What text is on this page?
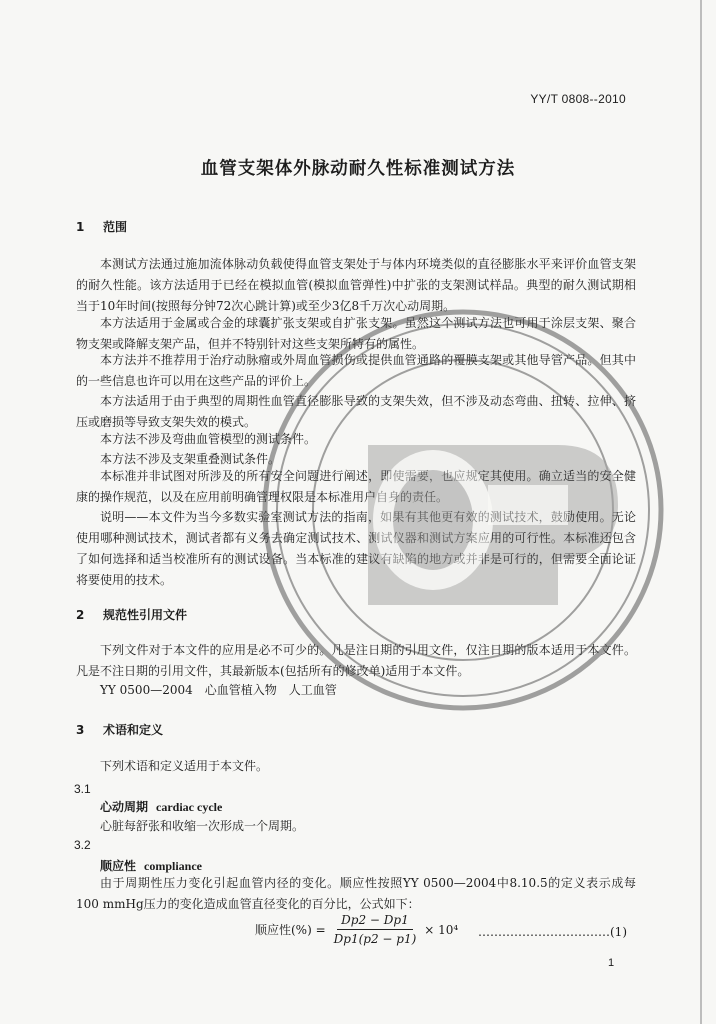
YY/T 0808--2010
血管支架体外脉动耐久性标准测试方法
1 范围
本测试方法通过施加流体脉动负载使得血管支架处于与体内环境类似的直径膨胀水平来评价血管支架的耐久性能。该方法适用于已经在模拟血管(模拟血管弹性)中扩张的支架测试样品。典型的耐久测试期相当于10年时间(按照每分钟72次心跳计算)或至少3亿8千万次心动周期。
本方法适用于金属或合金的球囊扩张支架或自扩张支架。虽然这个测试方法也可用于涂层支架、聚合物支架或降解支架产品，但并不特别针对这些支架所特有的属性。
本方法并不推荐用于治疗动脉瘤或外周血管损伤或提供血管通路的覆膜支架或其他导管产品。但其中的一些信息也许可以用在这些产品的评价上。
本方法适用于由于典型的周期性血管直径膨胀导致的支架失效，但不涉及动态弯曲、扭转、拉伸、挤压或磨损等导致支架失效的模式。
本方法不涉及弯曲血管模型的测试条件。
本方法不涉及支架重叠测试条件。
本标准并非试图对所涉及的所有安全问题进行阐述，即使需要，也应规定其使用。确立适当的安全健康的操作规范，以及在应用前明确管理权限是本标准用户自身的责任。
说明——本文件为当今多数实验室测试方法的指南，如果有其他更有效的测试技术，鼓励使用。无论使用哪种测试技术，测试者都有义务去确定测试技术、测试仪器和测试方案应用的可行性。本标准还包含了如何选择和适当校准所有的测试设备。当本标准的建议有缺陷的地方或并非是可行的，但需要全面论证将要使用的技术。
2 规范性引用文件
下列文件对于本文件的应用是必不可少的。凡是注日期的引用文件，仅注日期的版本适用于本文件。凡是不注日期的引用文件，其最新版本(包括所有的修改单)适用于本文件。
YY 0500—2004　心血管植入物　人工血管
3 术语和定义
下列术语和定义适用于本文件。
3.1
心动周期 cardiac cycle
心脏每舒张和收缩一次形成一个周期。
3.2
顺应性 compliance
由于周期性压力变化引起血管内径的变化。顺应性按照YY 0500—2004中8.10.5的定义表示成每100 mmHg压力的变化造成血管直径变化的百分比，公式如下：
顺应性(%) = $\frac{Dp2 - Dp1}{Dp1(p2 - p1)} \times 10^4$ ……………………………(1)
1
